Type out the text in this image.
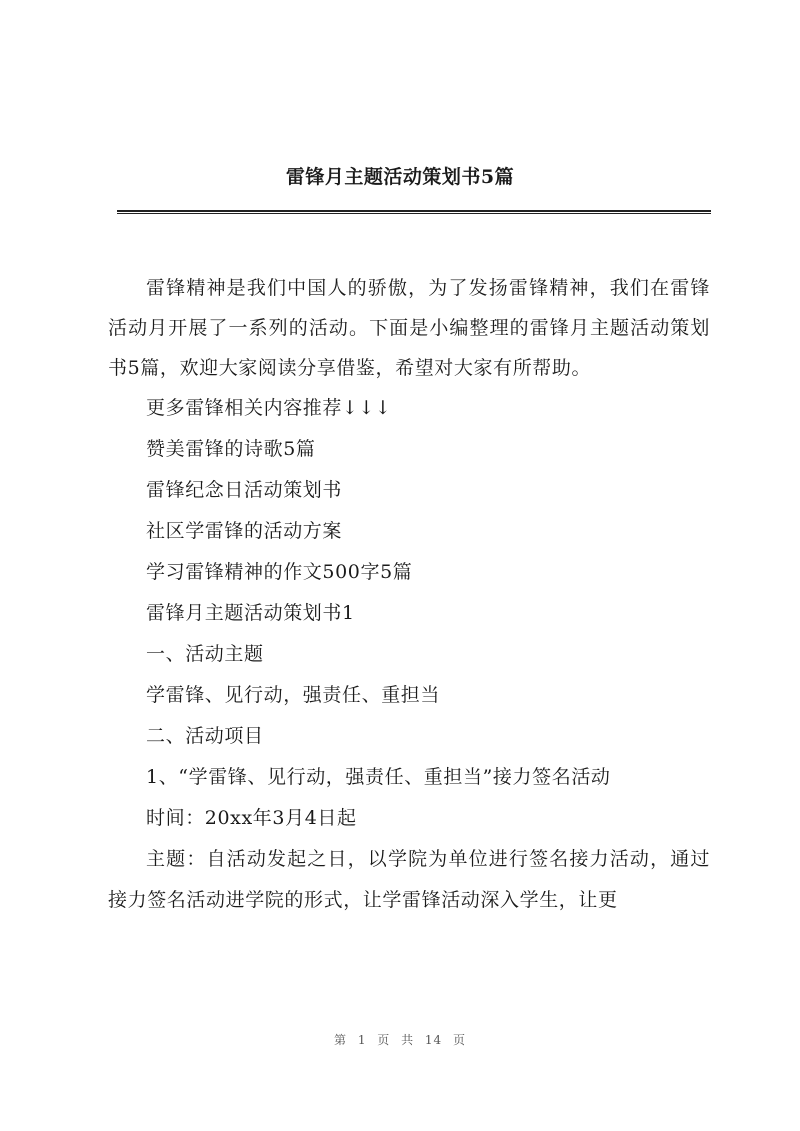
雷锋月主题活动策划书5篇

雷锋精神是我们中国人的骄傲，为了发扬雷锋精神，我们在雷锋活动月开展了一系列的活动。下面是小编整理的雷锋月主题活动策划书5篇，欢迎大家阅读分享借鉴，希望对大家有所帮助。

更多雷锋相关内容推荐↓↓↓

赞美雷锋的诗歌5篇

雷锋纪念日活动策划书

社区学雷锋的活动方案

学习雷锋精神的作文500字5篇

雷锋月主题活动策划书1

一、活动主题

学雷锋、见行动，强责任、重担当

二、活动项目

1、“学雷锋、见行动，强责任、重担当”接力签名活动

时间：20xx年3月4日起

主题：自活动发起之日，以学院为单位进行签名接力活动，通过接力签名活动进学院的形式，让学雷锋活动深入学生，让更

第 1 页 共 14 页
